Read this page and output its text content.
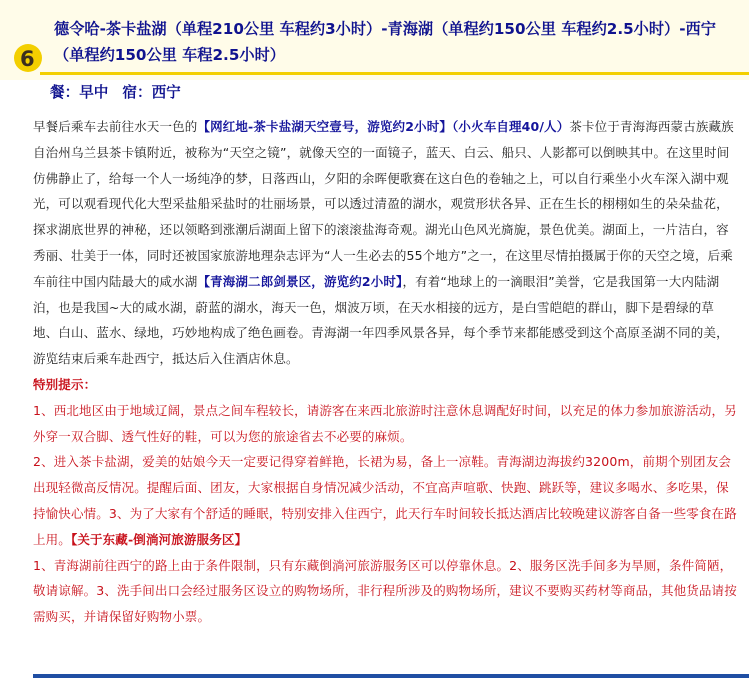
6
德令哈-茶卡盐湖（单程210公里 车程约3小时）-青海湖（单程约150公里 车程约2.5小时）-西宁（单程约150公里 车程2.5小时）
餐：早中 宿：西宁

早餐后乘车去前往水天一色的【网红地-茶卡盐湖天空壹号，游览约2小时】（小火车自理40/人）茶卡位于青海海西蒙古族藏族自治州乌兰县茶卡镇附近，被称为“天空之镜”，就像天空的一面镜子，蓝天、白云、船只、人影都可以倒映其中。在这里时间仿佛静止了，给每一个人一场纯净的梦，日落西山，夕阳的余晖便歌赛在这白色的卷轴之上，可以自行乘坐小火车深入湖中观光，可以观看现代化大型采盐船采盐时的壮丽场景，可以透过清盈的湖水，观赏形状各异、正在生长的栩栩如生的朵朵盐花，探求湖底世界的神秘，还以领略到涨潮后湖面上留下的滚滚盐海奇观。湖光山色风光旖旎，景色优美。湖面上，一片洁白，容秀丽、壮美于一体，同时还被国家旅游地理杂志评为“人一生必去的55个地方”之一，在这里尽情拍摄属于你的天空之境，后乘车前往中国内陆最大的咸水湖【青海湖二郎剑景区，游览约2小时】，有着“地球上的一滴眼泪”美誉，它是我国第一大内陆湖泊，也是我国~大的咸水湖，蔚蓝的湖水，海天一色，烟波万顷，在天水相接的远方，是白雪皑皑的群山，脚下是碧绿的草地、白山、蓝水、绿地，巧妙地构成了绝色画卷。青海湖一年四季风景各异，每个季节来都能感受到这个高原圣湖不同的美，游览结束后乘车赴西宁，抵达后入住酒店休息。

特别提示：

1、西北地区由于地域辽阔，景点之间车程较长，请游客在来西北旅游时注意休息调配好时间，以充足的体力参加旅游活动，另外穿一双合脚、透气性好的鞋，可以为您的旅途省去不必要的麻烦。

2、进入茶卡盐湖，爱美的姑娘今天一定要记得穿着鲜艳，长裙为易，备上一凉鞋。青海湖边海拔约3200m，前期个别团友会出现轻微高反情况。提醒后面、团友，大家根据自身情况减少活动，不宜高声喧歌、快跑、跳跃等，建议多喝水、多吃果，保持愉快心情。3、为了大家有个舒适的睡眠，特别安排入住西宁，此天行车时间较长抵达酒店比较晚建议游客自备一些零食在路上用。【关于东藏-倒淌河旅游服务区】

1、青海湖前往西宁的路上由于条件限制，只有东藏倒淌河旅游服务区可以停靠休息。2、服务区洗手间多为旱厕，条件简陋，敬请谅解。3、洗手间出口会经过服务区设立的购物场所，非行程所涉及的购物场所，建议不要购买药材等商品，其他货品请按需购买，并请保留好购物小票。
